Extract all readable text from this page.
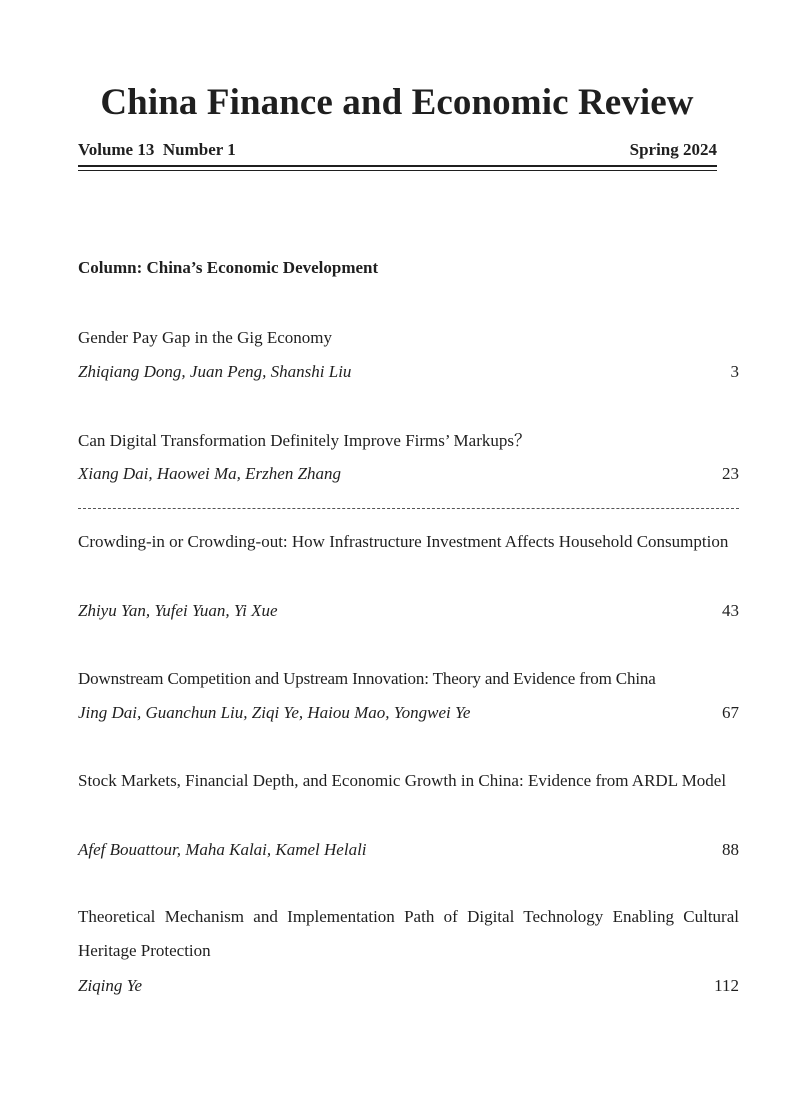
China Finance and Economic Review
Volume 13  Number 1	Spring 2024
Column: China’s Economic Development
Gender Pay Gap in the Gig Economy
Zhiqiang Dong, Juan Peng, Shanshi Liu	3
Can Digital Transformation Definitely Improve Firms’ Markups？
Xiang Dai, Haowei Ma, Erzhen Zhang	23
Crowding-in or Crowding-out: How Infrastructure Investment Affects Household Consumption
Zhiyu Yan, Yufei Yuan, Yi Xue	43
Downstream Competition and Upstream Innovation: Theory and Evidence from China
Jing Dai, Guanchun Liu, Ziqi Ye, Haiou Mao, Yongwei Ye	67
Stock Markets, Financial Depth, and Economic Growth in China: Evidence from ARDL Model
Afef Bouattour, Maha Kalai, Kamel Helali	88
Theoretical Mechanism and Implementation Path of Digital Technology Enabling Cultural Heritage Protection
Ziqing Ye	112
